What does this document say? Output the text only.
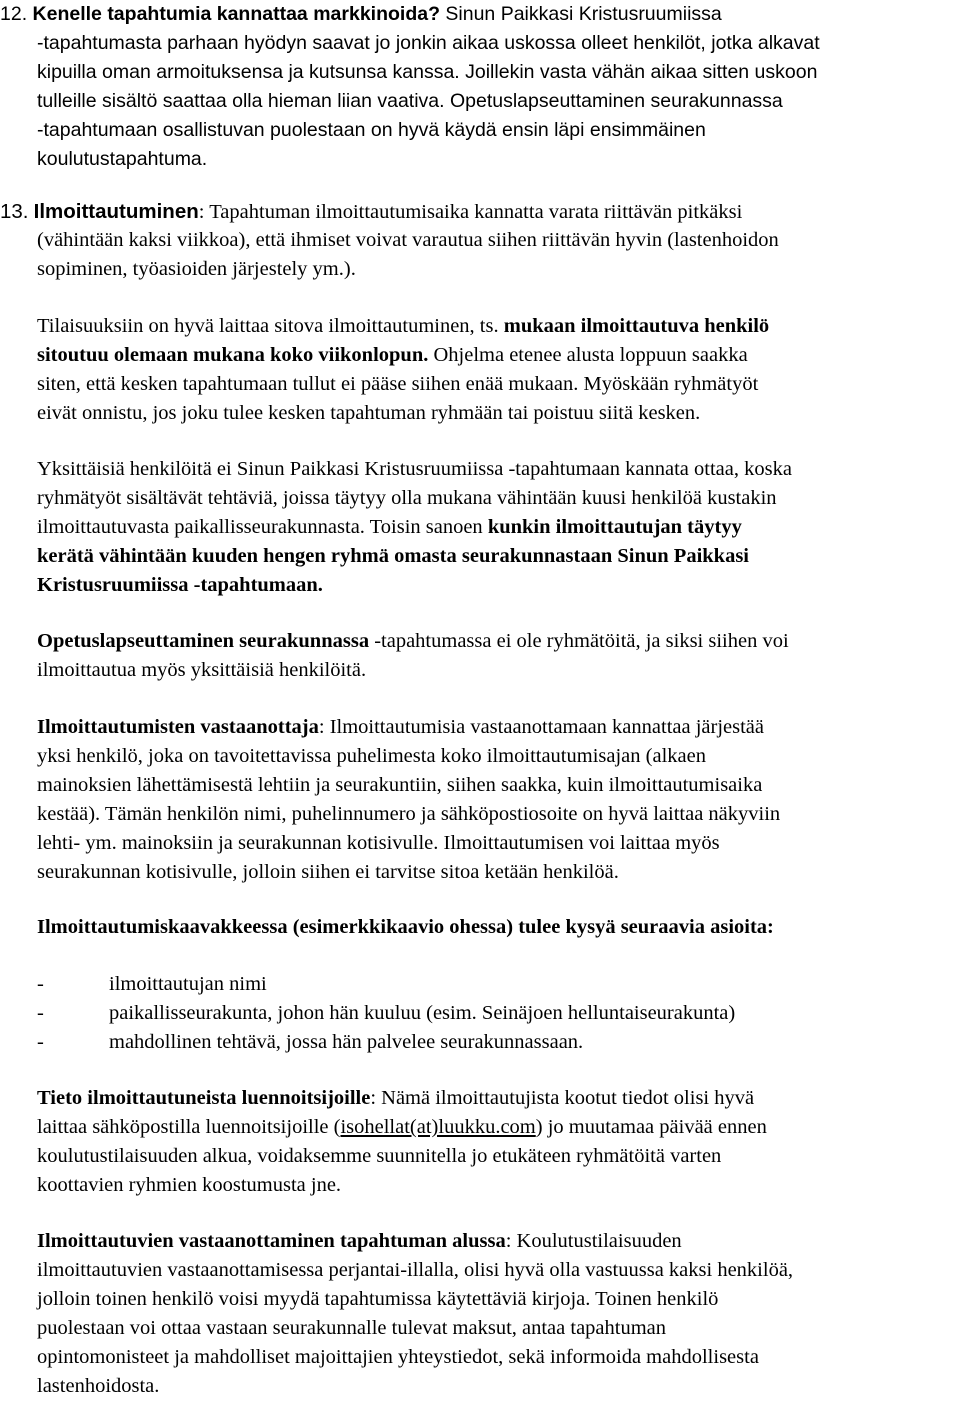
12. Kenelle tapahtumia kannattaa markkinoida? Sinun Paikkasi Kristusruumiissa
-tapahtumasta parhaan hyödyn saavat jo jonkin aikaa uskossa olleet henkilöt, jotka alkavat
kipuilla oman armoituksensa ja kutsunsa kanssa. Joillekin vasta vähän aikaa sitten uskoon
tulleille sisältö saattaa olla hieman liian vaativa. Opetuslapseuttaminen seurakunnassa
-tapahtumaan osallistuvan puolestaan on hyvä käydä ensin läpi ensimmäinen
koulutustapahtuma.
13. Ilmoittautuminen: Tapahtuman ilmoittautumisaika kannatta varata riittävän pitkäksi
(vähintään kaksi viikkoa), että ihmiset voivat varautua siihen riittävän hyvin (lastenhoidon
sopiminen, työasioiden järjestely ym.).
Tilaisuuksiin on hyvä laittaa sitova ilmoittautuminen, ts. mukaan ilmoittautuva henkilö
sitoutuu olemaan mukana koko viikonlopun. Ohjelma etenee alusta loppuun saakka
siten, että kesken tapahtumaan tullut ei pääse siihen enää mukaan. Myöskään ryhmätyöt
eivät onnistu, jos joku tulee kesken tapahtuman ryhmään tai poistuu siitä kesken.
Yksittäisiä henkilöitä ei Sinun Paikkasi Kristusruumiissa -tapahtumaan kannata ottaa, koska
ryhmätyöt sisältävät tehtäviä, joissa täytyy olla mukana vähintään kuusi henkilöä kustakin
ilmoittautuvasta paikallisseurakunnasta. Toisin sanoen kunkin ilmoittautujan täytyy
kerätä vähintään kuuden hengen ryhmä omasta seurakunnastaan Sinun Paikkasi
Kristusruumiissa -tapahtumaan.
Opetuslapseuttaminen seurakunnassa -tapahtumassa ei ole ryhmätöitä, ja siksi siihen voi
ilmoittautua myös yksittäisiä henkilöitä.
Ilmoittautumisten vastaanottaja: Ilmoittautumisia vastaanottamaan kannattaa järjestää
yksi henkilö, joka on tavoitettavissa puhelimesta koko ilmoittautumisajan (alkaen
mainoksien lähettämisestä lehtiin ja seurakuntiin, siihen saakka, kuin ilmoittautumisaika
kestää). Tämän henkilön nimi, puhelinnumero ja sähköpostiosoite on hyvä laittaa näkyviin
lehti- ym. mainoksiin ja seurakunnan kotisivulle. Ilmoittautumisen voi laittaa myös
seurakunnan kotisivulle, jolloin siihen ei tarvitse sitoa ketään henkilöä.
Ilmoittautumiskaavakkeessa (esimerkkikaavio ohessa) tulee kysyä seuraavia asioita:
-	ilmoittautujan nimi
-	paikallisseurakunta, johon hän kuuluu (esim. Seinäjoen helluntaiseurakunta)
-	mahdollinen tehtävä, jossa hän palvelee seurakunnassaan.
Tieto ilmoittautuneista luennoitsijoille: Nämä ilmoittautujista kootut tiedot olisi hyvä
laittaa sähköpostilla luennoitsijoille (isohellat(at)luukku.com) jo muutamaa päivää ennen
koulutustilaisuuden alkua, voidaksemme suunnitella jo etukäteen ryhmätöitä varten
koottavien ryhmien koostumusta jne.
Ilmoittautuvien vastaanottaminen tapahtuman alussa: Koulutustilaisuuden
ilmoittautuvien vastaanottamisessa perjantai-illalla, olisi hyvä olla vastuussa kaksi henkilöä,
jolloin toinen henkilö voisi myydä tapahtumissa käytettäviä kirjoja. Toinen henkilö
puolestaan voi ottaa vastaan seurakunnalle tulevat maksut, antaa tapahtuman
opintomonisteet ja mahdolliset majoittajien yhteystiedot, sekä informoida mahdollisesta
lastenhoidosta.
